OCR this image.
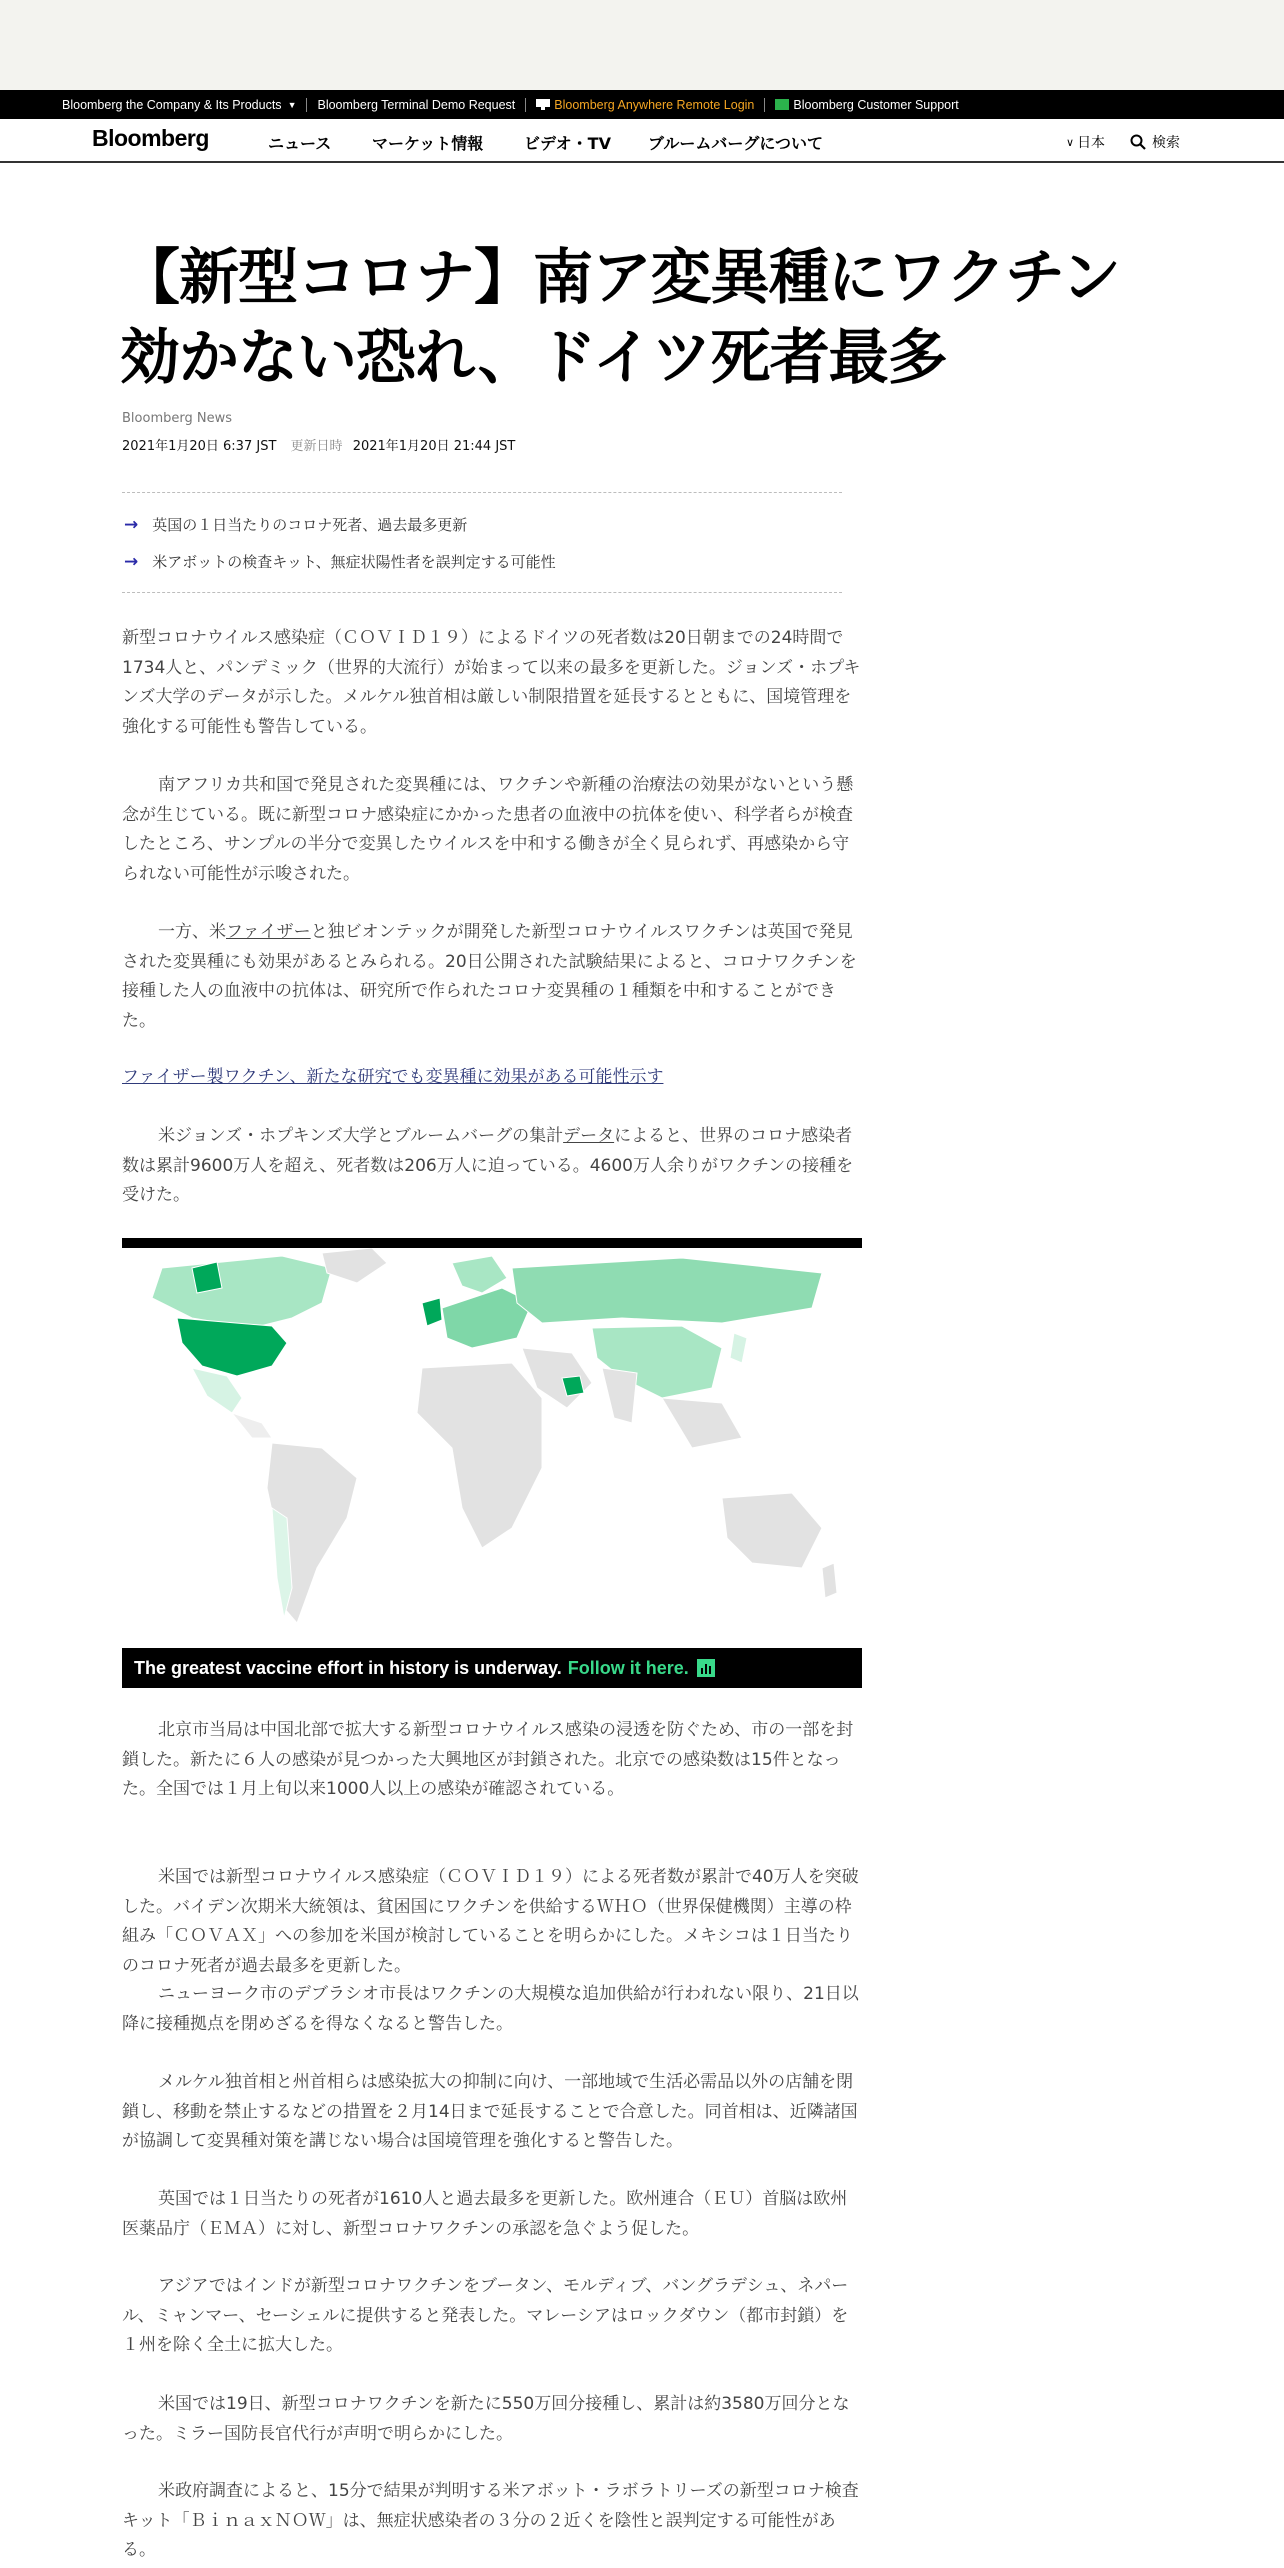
Bloomberg the Company & Its Products ▼ Bloomberg Terminal Demo Request	Bloomberg Anywhere Remote Login	Bloomberg Customer Support
Bloomberg	ニュース	マーケット情報	ビデオ・TV ブルームバーグについて	∨ 日本	検索
【新型コロナ】南ア変異種にワクチン効かない恐れ、ドイツ死者最多
Bloomberg News
2021年1月20日 6:37 JST 更新日時 2021年1月20日 21:44 JST
→ 英国の１日当たりのコロナ死者、過去最多更新
→ 米アボットの検査キット、無症状陽性者を誤判定する可能性

新型コロナウイルス感染症（ＣＯＶＩＤ１９）によるドイツの死者数は20日朝までの24時間で1734人と、パンデミック（世界的大流行）が始まって以来の最多を更新した。ジョンズ・ホプキンズ大学のデータが示した。メルケル独首相は厳しい制限措置を延長するとともに、国境管理を強化する可能性も警告している。

南アフリカ共和国で発見された変異種には、ワクチンや新種の治療法の効果がないという懸念が生じている。既に新型コロナ感染症にかかった患者の血液中の抗体を使い、科学者らが検査したところ、サンプルの半分で変異したウイルスを中和する働きが全く見られず、再感染から守られない可能性が示唆された。

一方、米ファイザーと独ビオンテックが開発した新型コロナウイルスワクチンは英国で発見された変異種にも効果があるとみられる。20日公開された試験結果によると、コロナワクチンを接種した人の血液中の抗体は、研究所で作られたコロナ変異種の１種類を中和することができた。

ファイザー製ワクチン、新たな研究でも変異種に効果がある可能性示す

米ジョンズ・ホプキンズ大学とブルームバーグの集計データによると、世界のコロナ感染者数は累計9600万人を超え、死者数は206万人に迫っている。4600万人余りがワクチンの接種を受けた。

The greatest vaccine effort in history is underway. Follow it here.

北京市当局は中国北部で拡大する新型コロナウイルス感染の浸透を防ぐため、市の一部を封鎖した。新たに６人の感染が見つかった大興地区が封鎖された。北京での感染数は15件となった。全国では１月上旬以来1000人以上の感染が確認されている。

米国では新型コロナウイルス感染症（ＣＯＶＩＤ１９）による死者数が累計で40万人を突破した。バイデン次期米大統領は、貧困国にワクチンを供給するＷＨＯ（世界保健機関）主導の枠組み「ＣＯＶＡＸ」への参加を米国が検討していることを明らかにした。メキシコは１日当たりのコロナ死者が過去最多を更新した。

ニューヨーク市のデブラシオ市長はワクチンの大規模な追加供給が行われない限り、21日以降に接種拠点を閉めざるを得なくなると警告した。

メルケル独首相と州首相らは感染拡大の抑制に向け、一部地域で生活必需品以外の店舗を閉鎖し、移動を禁止するなどの措置を２月14日まで延長することで合意した。同首相は、近隣諸国が協調して変異種対策を講じない場合は国境管理を強化すると警告した。

英国では１日当たりの死者が1610人と過去最多を更新した。欧州連合（ＥＵ）首脳は欧州医薬品庁（ＥＭＡ）に対し、新型コロナワクチンの承認を急ぐよう促した。

アジアではインドが新型コロナワクチンをブータン、モルディブ、バングラデシュ、ネパール、ミャンマー、セーシェルに提供すると発表した。マレーシアはロックダウン（都市封鎖）を１州を除く全土に拡大した。

米国では19日、新型コロナワクチンを新たに550万回分接種し、累計は約3580万回分となった。ミラー国防長官代行が声明で明らかにした。

米政府調査によると、15分で結果が判明する米アボット・ラボラトリーズの新型コロナ検査キット「ＢｉｎａｘＮＯＷ」は、無症状感染者の３分の２近くを陰性と誤判定する可能性がある。
